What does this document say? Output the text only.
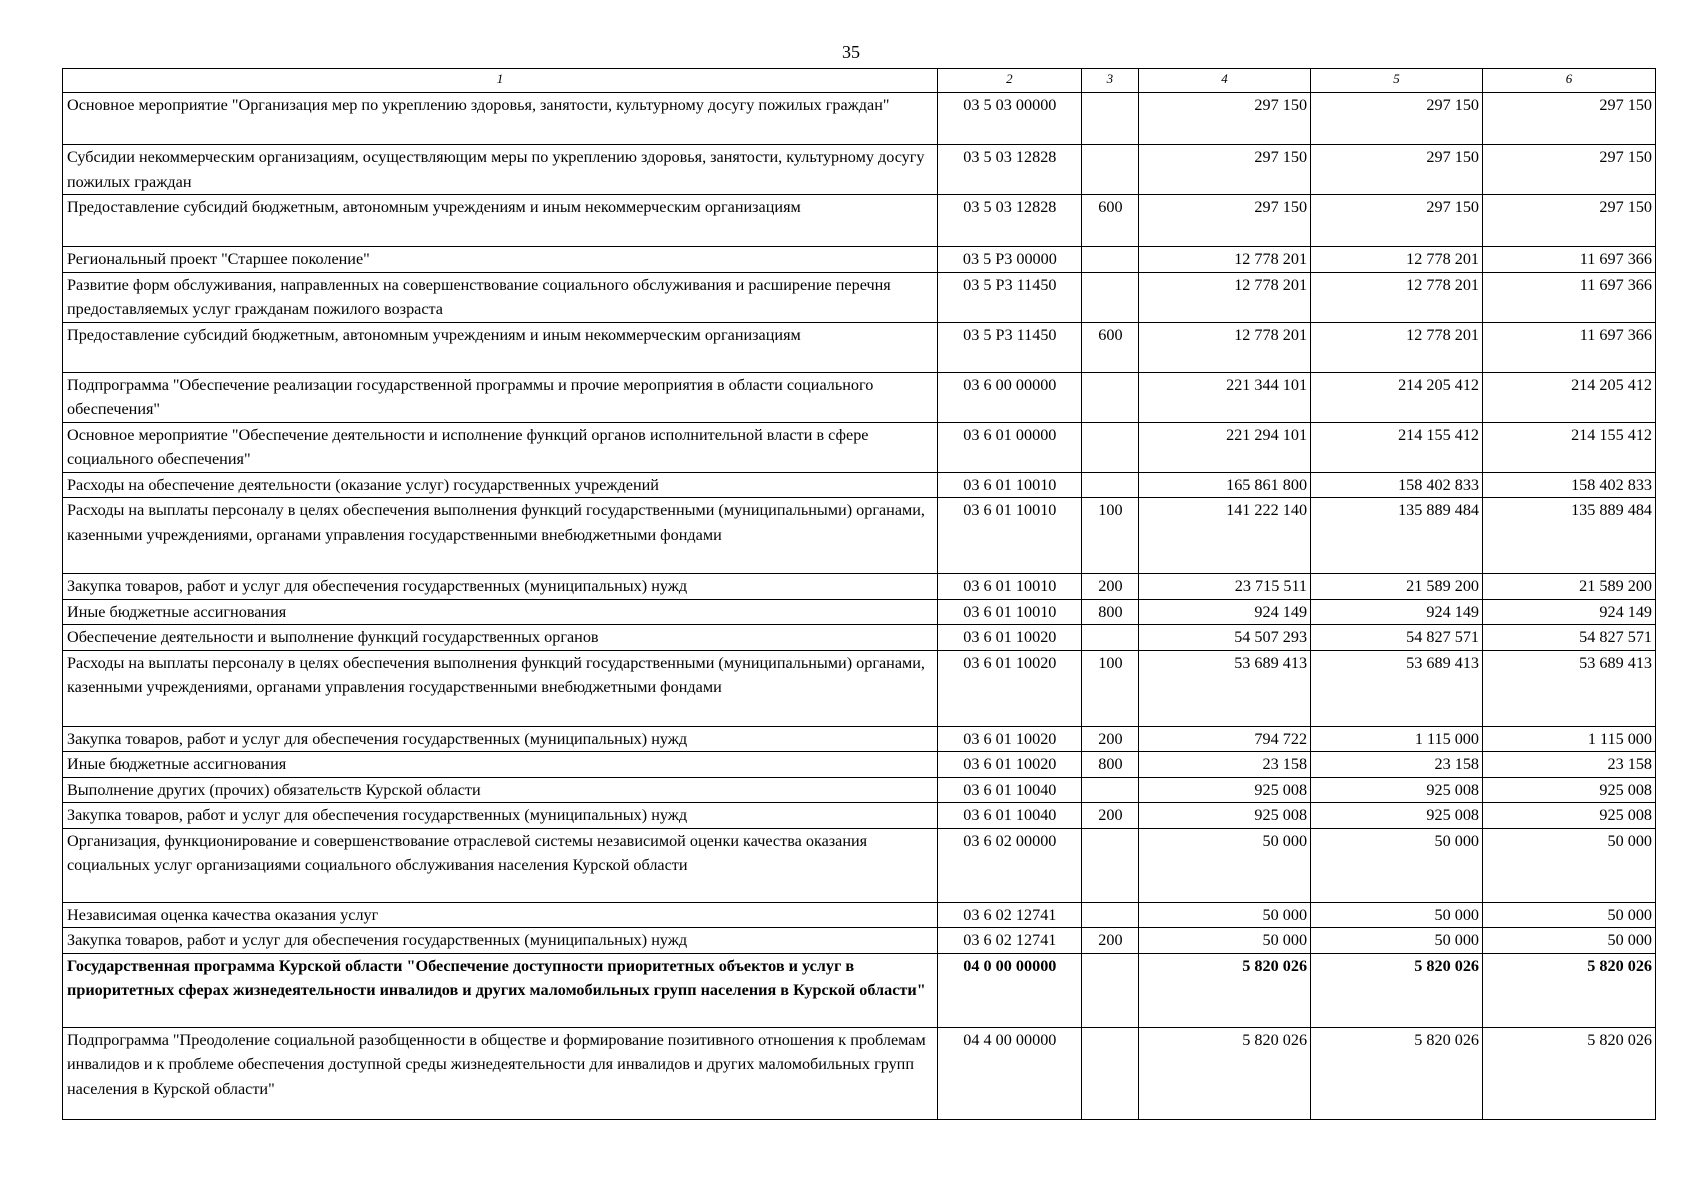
35
1	2	3	4	5	6
Основное мероприятие "Организация мер по укреплению здоровья, занятости, культурному досугу пожилых граждан"	03 5 03 00000		297 150	297 150	297 150
Субсидии некоммерческим организациям, осуществляющим меры по укреплению здоровья, занятости, культурному досугу пожилых граждан	03 5 03 12828		297 150	297 150	297 150
Предоставление субсидий бюджетным, автономным учреждениям и иным некоммерческим организациям	03 5 03 12828	600	297 150	297 150	297 150
Региональный проект "Старшее поколение"	03 5 P3 00000		12 778 201	12 778 201	11 697 366
Развитие форм обслуживания, направленных на совершенствование социального обслуживания и расширение перечня предоставляемых услуг гражданам пожилого возраста	03 5 P3 11450		12 778 201	12 778 201	11 697 366
Предоставление субсидий бюджетным, автономным учреждениям и иным некоммерческим организациям	03 5 P3 11450	600	12 778 201	12 778 201	11 697 366
Подпрограмма "Обеспечение реализации государственной программы и прочие мероприятия в области социального обеспечения"	03 6 00 00000		221 344 101	214 205 412	214 205 412
Основное мероприятие "Обеспечение деятельности и исполнение функций органов исполнительной власти в сфере социального обеспечения"	03 6 01 00000		221 294 101	214 155 412	214 155 412
Расходы на обеспечение деятельности (оказание услуг) государственных учреждений	03 6 01 10010		165 861 800	158 402 833	158 402 833
Расходы на выплаты персоналу в целях обеспечения выполнения функций государственными (муниципальными) органами, казенными учреждениями, органами управления государственными внебюджетными фондами	03 6 01 10010	100	141 222 140	135 889 484	135 889 484
Закупка товаров, работ и услуг для обеспечения государственных (муниципальных) нужд	03 6 01 10010	200	23 715 511	21 589 200	21 589 200
Иные бюджетные ассигнования	03 6 01 10010	800	924 149	924 149	924 149
Обеспечение деятельности и выполнение функций государственных органов	03 6 01 10020		54 507 293	54 827 571	54 827 571
Расходы на выплаты персоналу в целях обеспечения выполнения функций государственными (муниципальными) органами, казенными учреждениями, органами управления государственными внебюджетными фондами	03 6 01 10020	100	53 689 413	53 689 413	53 689 413
Закупка товаров, работ и услуг для обеспечения государственных (муниципальных) нужд	03 6 01 10020	200	794 722	1 115 000	1 115 000
Иные бюджетные ассигнования	03 6 01 10020	800	23 158	23 158	23 158
Выполнение других (прочих) обязательств Курской области	03 6 01 10040		925 008	925 008	925 008
Закупка товаров, работ и услуг для обеспечения государственных (муниципальных) нужд	03 6 01 10040	200	925 008	925 008	925 008
Организация, функционирование и совершенствование отраслевой системы независимой оценки качества оказания социальных услуг организациями социального обслуживания населения Курской области	03 6 02 00000		50 000	50 000	50 000
Независимая оценка качества оказания услуг	03 6 02 12741		50 000	50 000	50 000
Закупка товаров, работ и услуг для обеспечения государственных (муниципальных) нужд	03 6 02 12741	200	50 000	50 000	50 000
Государственная программа Курской области "Обеспечение доступности приоритетных объектов и услуг в приоритетных сферах жизнедеятельности инвалидов и других маломобильных групп населения в Курской области"	04 0 00 00000		5 820 026	5 820 026	5 820 026
Подпрограмма "Преодоление социальной разобщенности в обществе и формирование позитивного отношения к проблемам инвалидов и к проблеме обеспечения доступной среды жизнедеятельности для инвалидов и других маломобильных групп населения в Курской области"	04 4 00 00000		5 820 026	5 820 026	5 820 026
